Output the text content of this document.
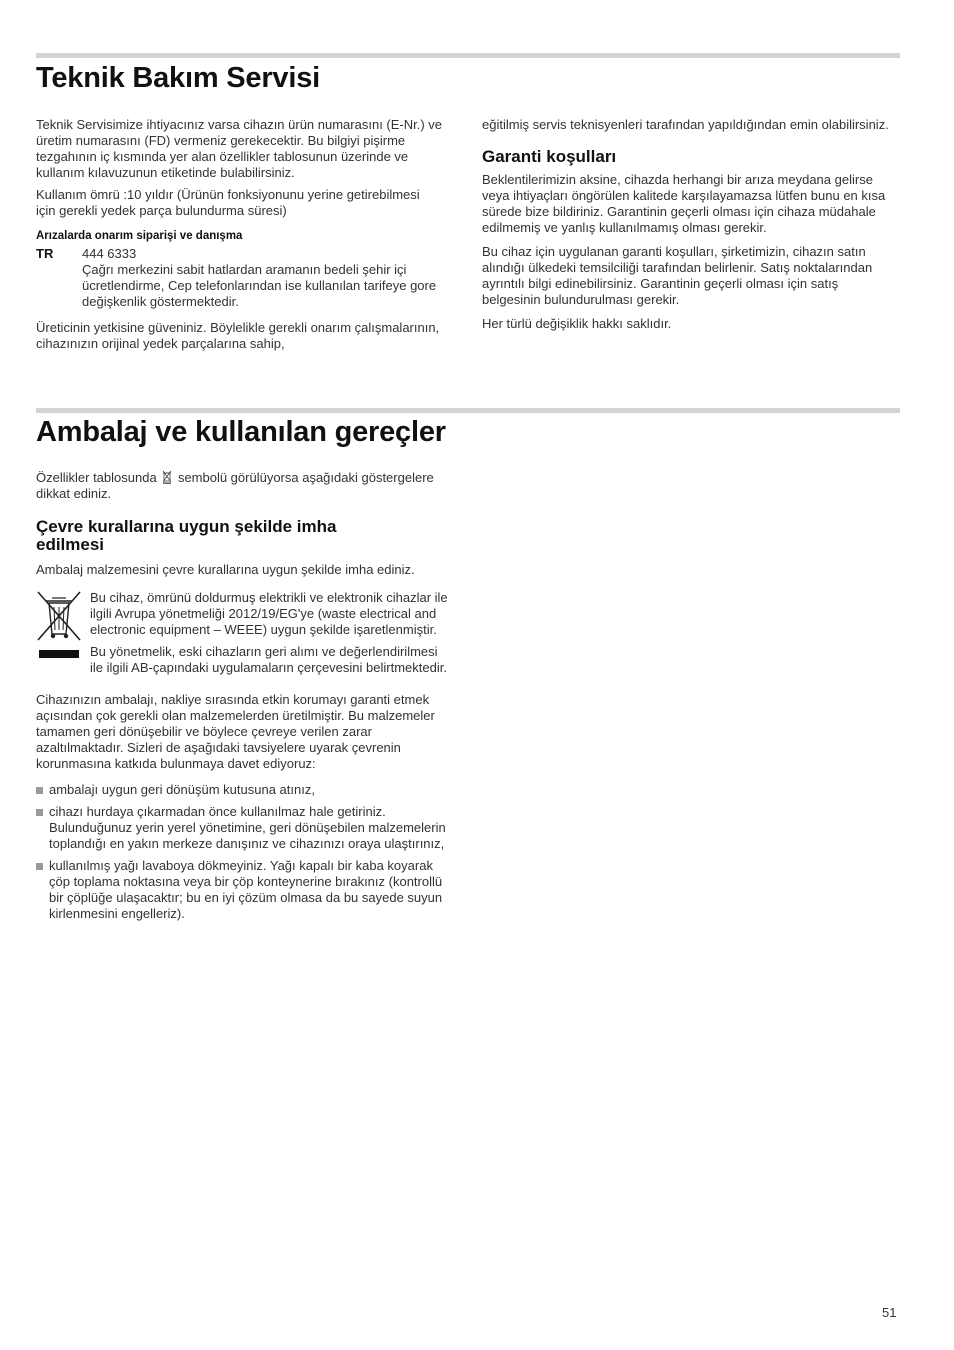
Teknik Bakım Servisi

Teknik Servisimize ihtiyacınız varsa cihazın ürün numarasını (E-Nr.) ve üretim numarasını (FD) vermeniz gerekecektir. Bu bilgiyi pişirme tezgahının iç kısmında yer alan özellikler tablosunun üzerinde ve kullanım kılavuzunun etiketinde bulabilirsiniz.

Kullanım ömrü :10 yıldır (Ürünün fonksiyonunu yerine getirebilmesi için gerekli yedek parça bulundurma süresi)

Arızalarda onarım siparişi ve danışma
TR 444 6333
Çağrı merkezini sabit hatlardan aramanın bedeli şehir içi ücretlendirme, Cep telefonlarından ise kullanılan tarifeye gore değişkenlik göstermektedir.

Üreticinin yetkisine güveniniz. Böylelikle gerekli onarım çalışmalarının, cihazınızın orijinal yedek parçalarına sahip,

eğitilmiş servis teknisyenleri tarafından yapıldığından emin olabilirsiniz.

Garanti koşulları

Beklentilerimizin aksine, cihazda herhangi bir arıza meydana gelirse veya ihtiyaçları öngörülen kalitede karşılayamazsa lütfen bunu en kısa sürede bize bildiriniz. Garantinin geçerli olması için cihaza müdahale edilmemiş ve yanlış kullanılmamış olması gerekir.

Bu cihaz için uygulanan garanti koşulları, şirketimizin, cihazın satın alındığı ülkedeki temsilciliği tarafından belirlenir. Satış noktalarından ayrıntılı bilgi edinebilirsiniz. Garantinin geçerli olması için satış belgesinin bulundurulması gerekir.

Her türlü değişiklik hakkı saklıdır.

Ambalaj ve kullanılan gereçler

Özellikler tablosunda sembolü görülüyorsa aşağıdaki göstergelere dikkat ediniz.

Çevre kurallarına uygun şekilde imha edilmesi

Ambalaj malzemesini çevre kurallarına uygun şekilde imha ediniz.

Bu cihaz, ömrünü doldurmuş elektrikli ve elektronik cihazlar ile ilgili Avrupa yönetmeliği 2012/19/EG'ye (waste electrical and electronic equipment – WEEE) uygun şekilde işaretlenmiştir.

Bu yönetmelik, eski cihazların geri alımı ve değerlendirilmesi ile ilgili AB-çapındaki uygulamaların çerçevesini belirtmektedir.

Cihazınızın ambalajı, nakliye sırasında etkin korumayı garanti etmek açısından çok gerekli olan malzemelerden üretilmiştir. Bu malzemeler tamamen geri dönüşebilir ve böylece çevreye verilen zarar azaltılmaktadır. Sizleri de aşağıdaki tavsiyelere uyarak çevrenin korunmasına katkıda bulunmaya davet ediyoruz:

ambalajı uygun geri dönüşüm kutusuna atınız,
cihazı hurdaya çıkarmadan önce kullanılmaz hale getiriniz. Bulunduğunuz yerin yerel yönetimine, geri dönüşebilen malzemelerin toplandığı en yakın merkeze danışınız ve cihazınızı oraya ulaştırınız,
kullanılmış yağı lavaboya dökmeyiniz. Yağı kapalı bir kaba koyarak çöp toplama noktasına veya bir çöp konteynerine bırakınız (kontrollü bir çöplüğe ulaşacaktır; bu en iyi çözüm olmasa da bu sayede suyun kirlenmesini engelleriz).
51
